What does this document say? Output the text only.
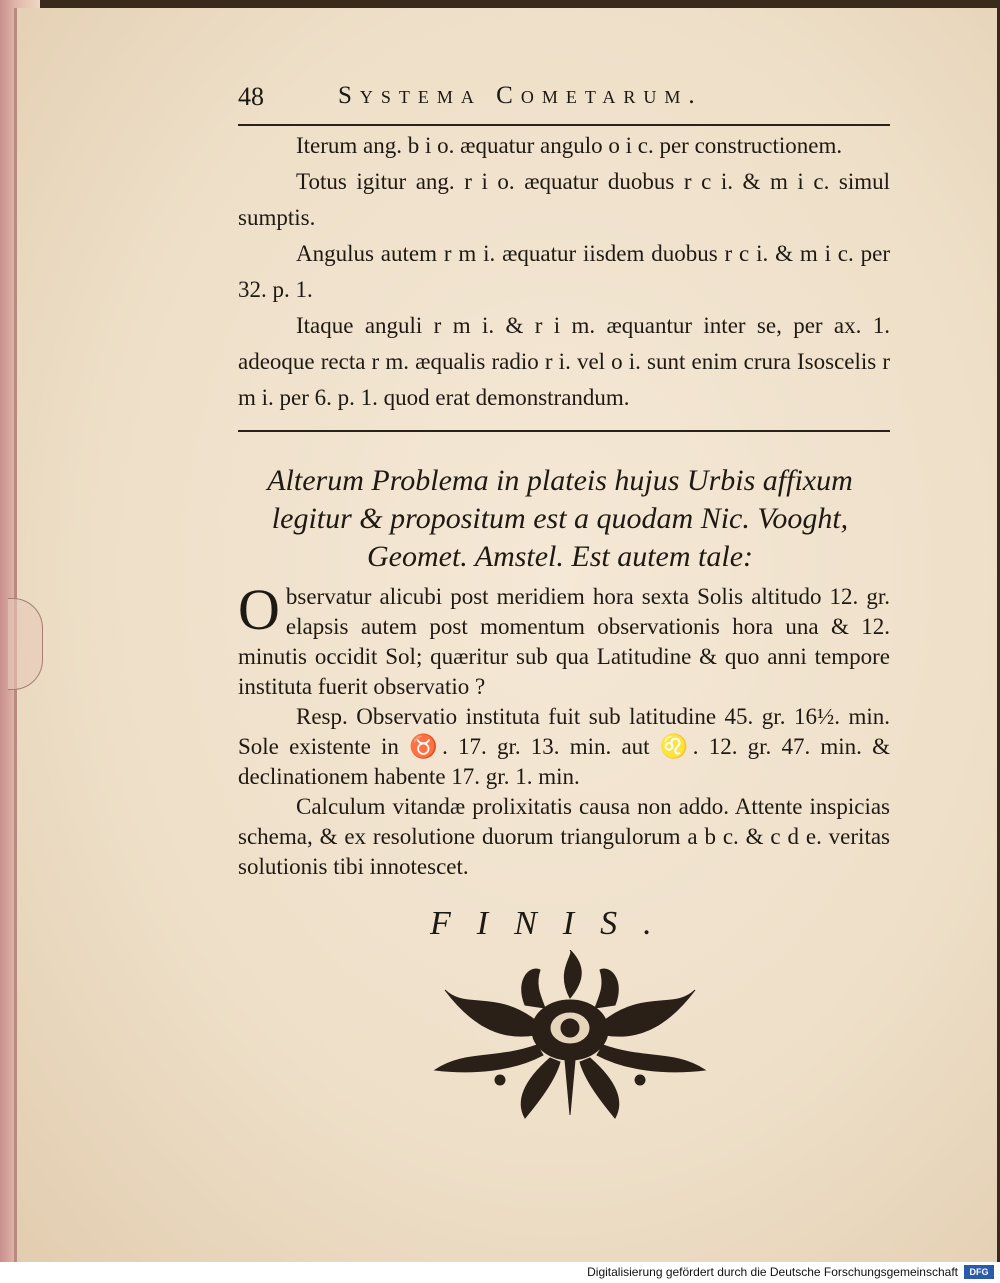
48	Systema Cometarum.

Iterum ang. b i o. æquatur angulo o i c. per constructionem.

Totus igitur ang. r i o. æquatur duobus r c i. & m i c. simul sumptis.

Angulus autem r m i. æquatur iisdem duobus r c i. & m i c. per 32. p. 1.

Itaque anguli r m i. & r i m. æquantur inter se, per ax. 1. adeoque recta r m. æqualis radio r i. vel o i. sunt enim crura Isoscelis r m i. per 6. p. 1. quod erat demonstrandum.

Alterum Problema in plateis hujus Urbis affixum legitur & propositum est a quodam Nic. Vooght, Geomet. Amstel. Est autem tale:

O bservatur alicubi post meridiem hora sexta Solis altitudo 12. gr. elapsis autem post momentum observationis hora una & 12. minutis occidit Sol; quæritur sub qua Latitudine & quo anni tempore instituta fuerit observatio ?

Resp. Observatio instituta fuit sub latitudine 45. gr. 16½. min. Sole existente in ♉. 17. gr. 13. min. aut ♌. 12. gr. 47. min. & declinationem habente 17. gr. 1. min.

Calculum vitandæ prolixitatis causa non addo. Attente inspicias schema, & ex resolutione duorum triangulorum a b c. & c d e. veritas solutionis tibi innotescet.

FINIS.
Digitalisierung gefördert durch die Deutsche Forschungsgemeinschaft	DFG
